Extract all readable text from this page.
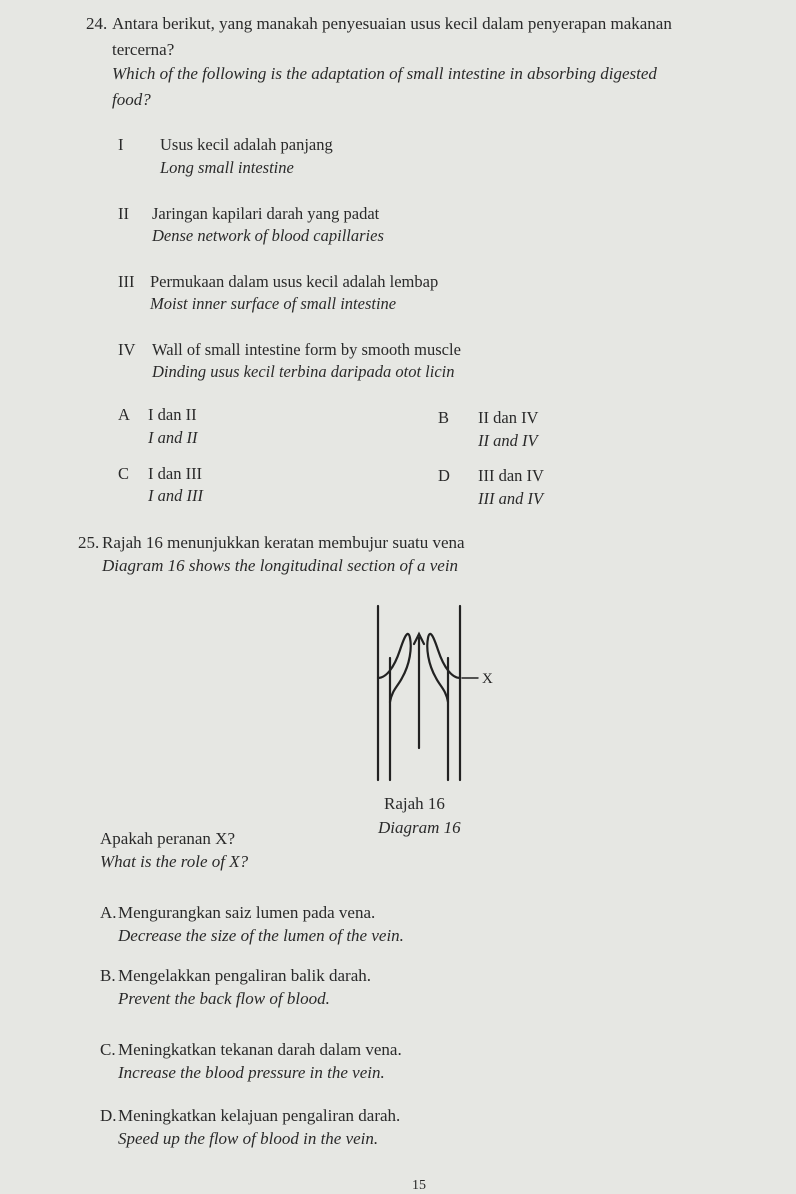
24. Antara berikut, yang manakah penyesuaian usus kecil dalam penyerapan makanan
tercerna?
Which of the following is the adaptation of small intestine in absorbing digested
food?
I Usus kecil adalah panjang
Long small intestine
II Jaringan kapilari darah yang padat
Dense network of blood capillaries
III Permukaan dalam usus kecil adalah lembap
Moist inner surface of small intestine
IV Wall of small intestine form by smooth muscle
Dinding usus kecil terbina daripada otot licin
A I dan II
I and II
B II dan IV
II and IV
C I dan III
I and III
D III dan IV
III and IV
25. Rajah 16 menunjukkan keratan membujur suatu vena
Diagram 16 shows the longitudinal section of a vein
X
Rajah 16
Diagram 16
Apakah peranan X?
What is the role of X?
A. Mengurangkan saiz lumen pada vena.
Decrease the size of the lumen of the vein.
B. Mengelakkan pengaliran balik darah.
Prevent the back flow of blood.
C. Meningkatkan tekanan darah dalam vena.
Increase the blood pressure in the vein.
D. Meningkatkan kelajuan pengaliran darah.
Speed up the flow of blood in the vein.
15
